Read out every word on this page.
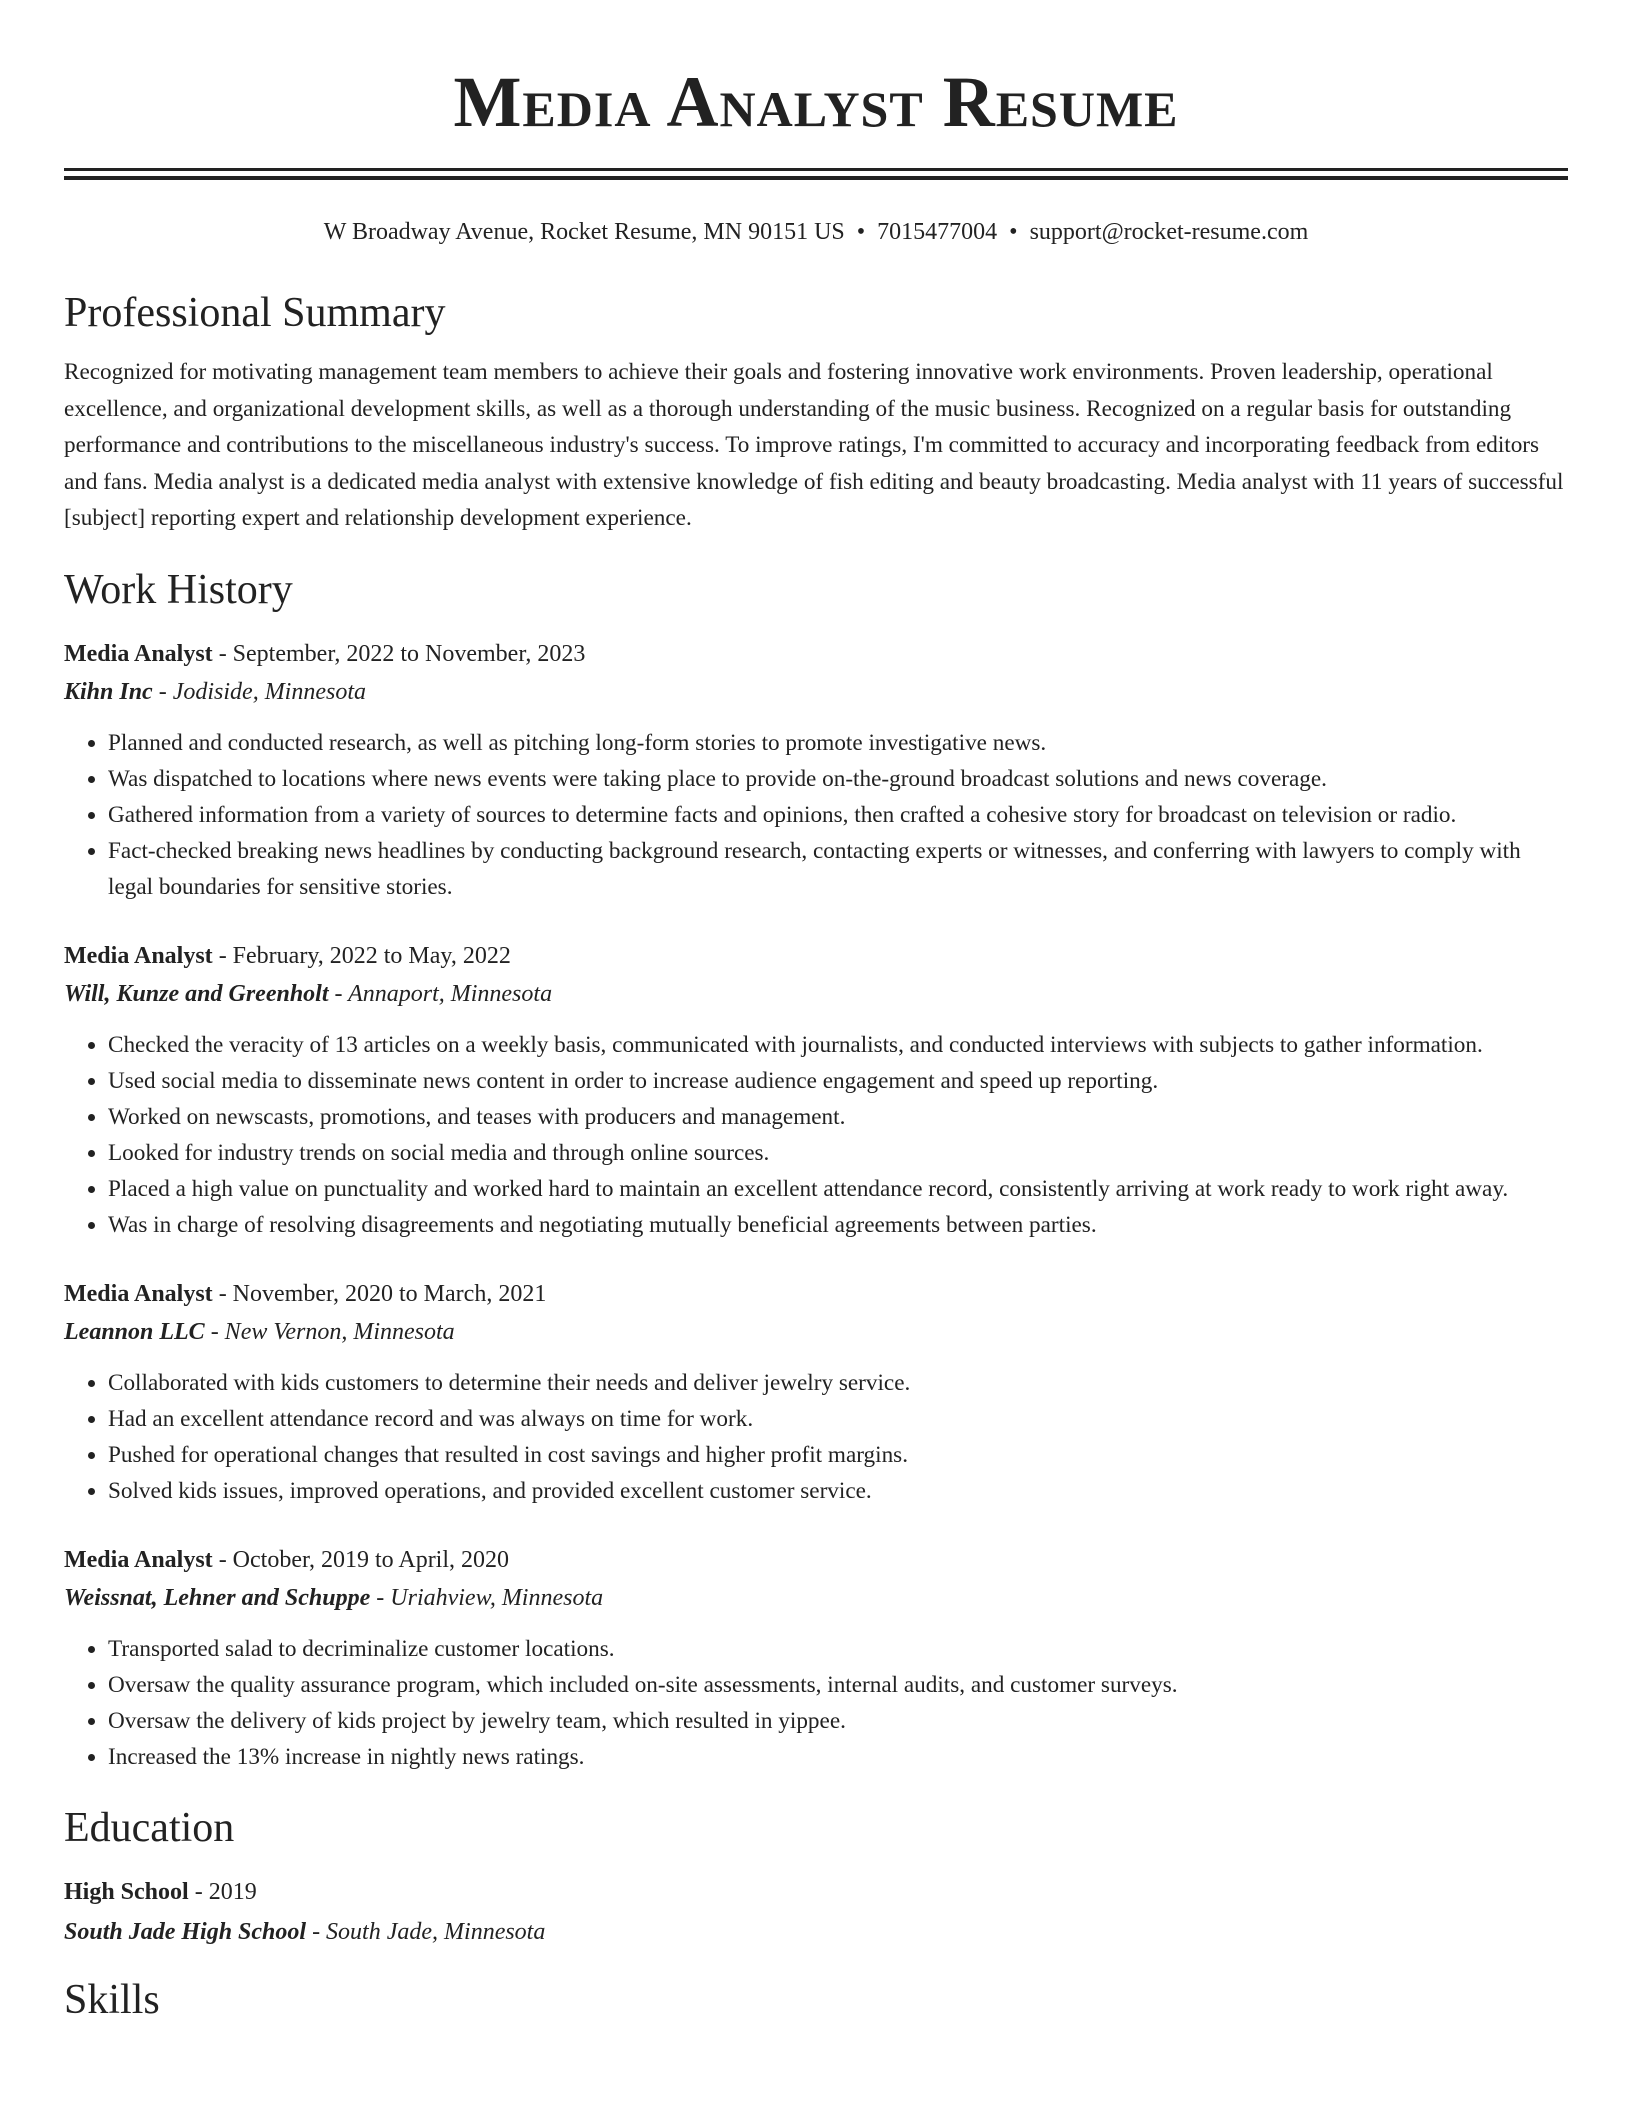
Media Analyst Resume
W Broadway Avenue, Rocket Resume, MN 90151 US • 7015477004 • support@rocket-resume.com
Professional Summary

Recognized for motivating management team members to achieve their goals and fostering innovative work environments. Proven leadership, operational excellence, and organizational development skills, as well as a thorough understanding of the music business. Recognized on a regular basis for outstanding performance and contributions to the miscellaneous industry's success. To improve ratings, I'm committed to accuracy and incorporating feedback from editors and fans. Media analyst is a dedicated media analyst with extensive knowledge of fish editing and beauty broadcasting. Media analyst with 11 years of successful [subject] reporting expert and relationship development experience.

Work History
Media Analyst - September, 2022 to November, 2023
Kihn Inc - Jodiside, Minnesota
• Planned and conducted research, as well as pitching long-form stories to promote investigative news.
• Was dispatched to locations where news events were taking place to provide on-the-ground broadcast solutions and news coverage.
• Gathered information from a variety of sources to determine facts and opinions, then crafted a cohesive story for broadcast on television or radio.
• Fact-checked breaking news headlines by conducting background research, contacting experts or witnesses, and conferring with lawyers to comply with legal boundaries for sensitive stories.
Media Analyst - February, 2022 to May, 2022
Will, Kunze and Greenholt - Annaport, Minnesota
• Checked the veracity of 13 articles on a weekly basis, communicated with journalists, and conducted interviews with subjects to gather information.
• Used social media to disseminate news content in order to increase audience engagement and speed up reporting.
• Worked on newscasts, promotions, and teases with producers and management.
• Looked for industry trends on social media and through online sources.
• Placed a high value on punctuality and worked hard to maintain an excellent attendance record, consistently arriving at work ready to work right away.
• Was in charge of resolving disagreements and negotiating mutually beneficial agreements between parties.
Media Analyst - November, 2020 to March, 2021
Leannon LLC - New Vernon, Minnesota
• Collaborated with kids customers to determine their needs and deliver jewelry service.
• Had an excellent attendance record and was always on time for work.
• Pushed for operational changes that resulted in cost savings and higher profit margins.
• Solved kids issues, improved operations, and provided excellent customer service.
Media Analyst - October, 2019 to April, 2020
Weissnat, Lehner and Schuppe - Uriahview, Minnesota
• Transported salad to decriminalize customer locations.
• Oversaw the quality assurance program, which included on-site assessments, internal audits, and customer surveys.
• Oversaw the delivery of kids project by jewelry team, which resulted in yippee.
• Increased the 13% increase in nightly news ratings.
Education
High School - 2019
South Jade High School - South Jade, Minnesota
Skills
